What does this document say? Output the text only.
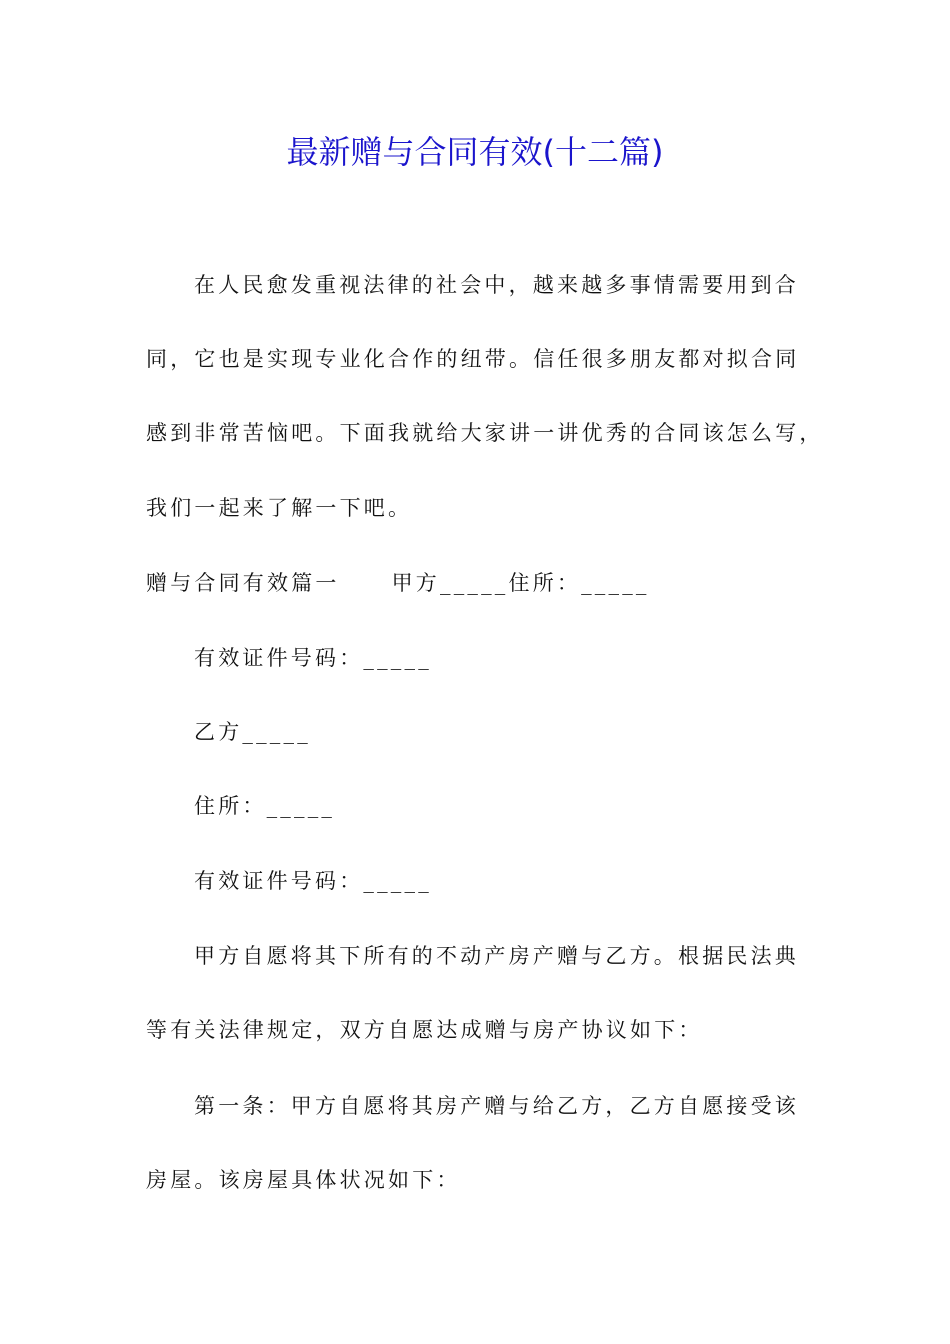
最新赠与合同有效(十二篇)
在人民愈发重视法律的社会中，越来越多事情需要用到合
同，它也是实现专业化合作的纽带。信任很多朋友都对拟合同
感到非常苦恼吧。下面我就给大家讲一讲优秀的合同该怎么写，
我们一起来了解一下吧。
赠与合同有效篇一 甲方_____住所：_____
有效证件号码：_____
乙方_____
住所：_____
有效证件号码：_____
甲方自愿将其下所有的不动产房产赠与乙方。根据民法典
等有关法律规定，双方自愿达成赠与房产协议如下：
第一条：甲方自愿将其房产赠与给乙方，乙方自愿接受该
房屋。该房屋具体状况如下：
